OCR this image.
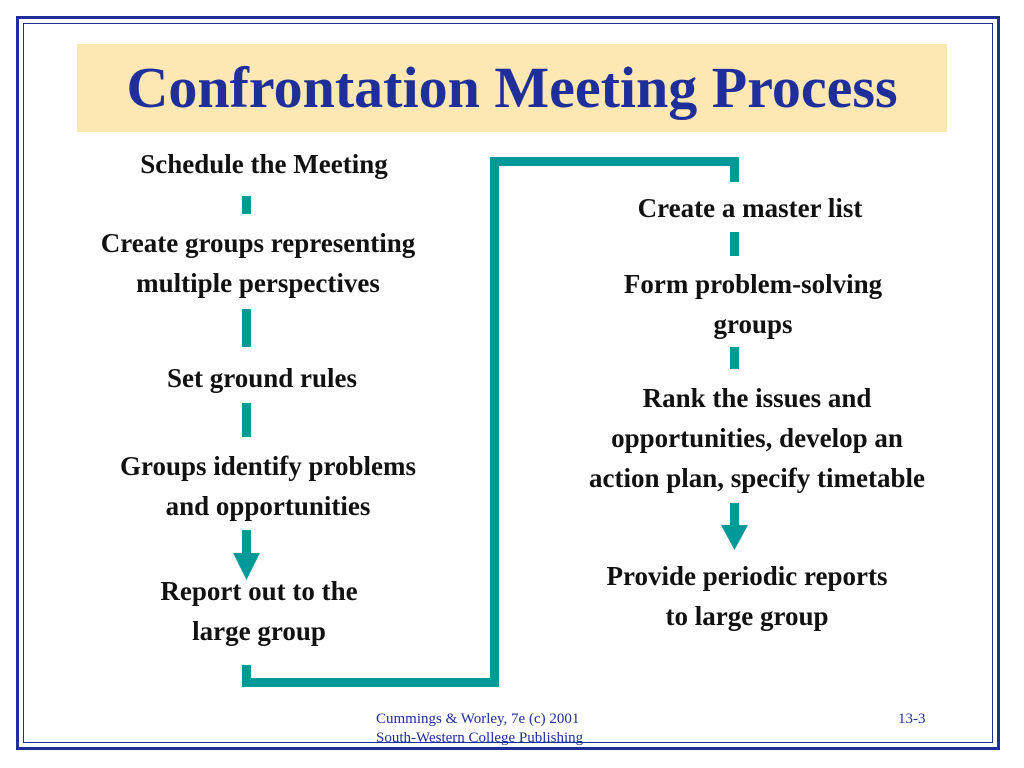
Confrontation Meeting Process
Schedule the Meeting
Create groups representing
multiple perspectives
Set ground rules
Groups identify problems
and opportunities
Report out to the
large group
Create a master list
Form problem-solving
groups
Rank the issues and
opportunities, develop an
action plan, specify timetable
Provide periodic reports
to large group
Cummings & Worley, 7e (c) 2001
South-Western College Publishing
13-3
